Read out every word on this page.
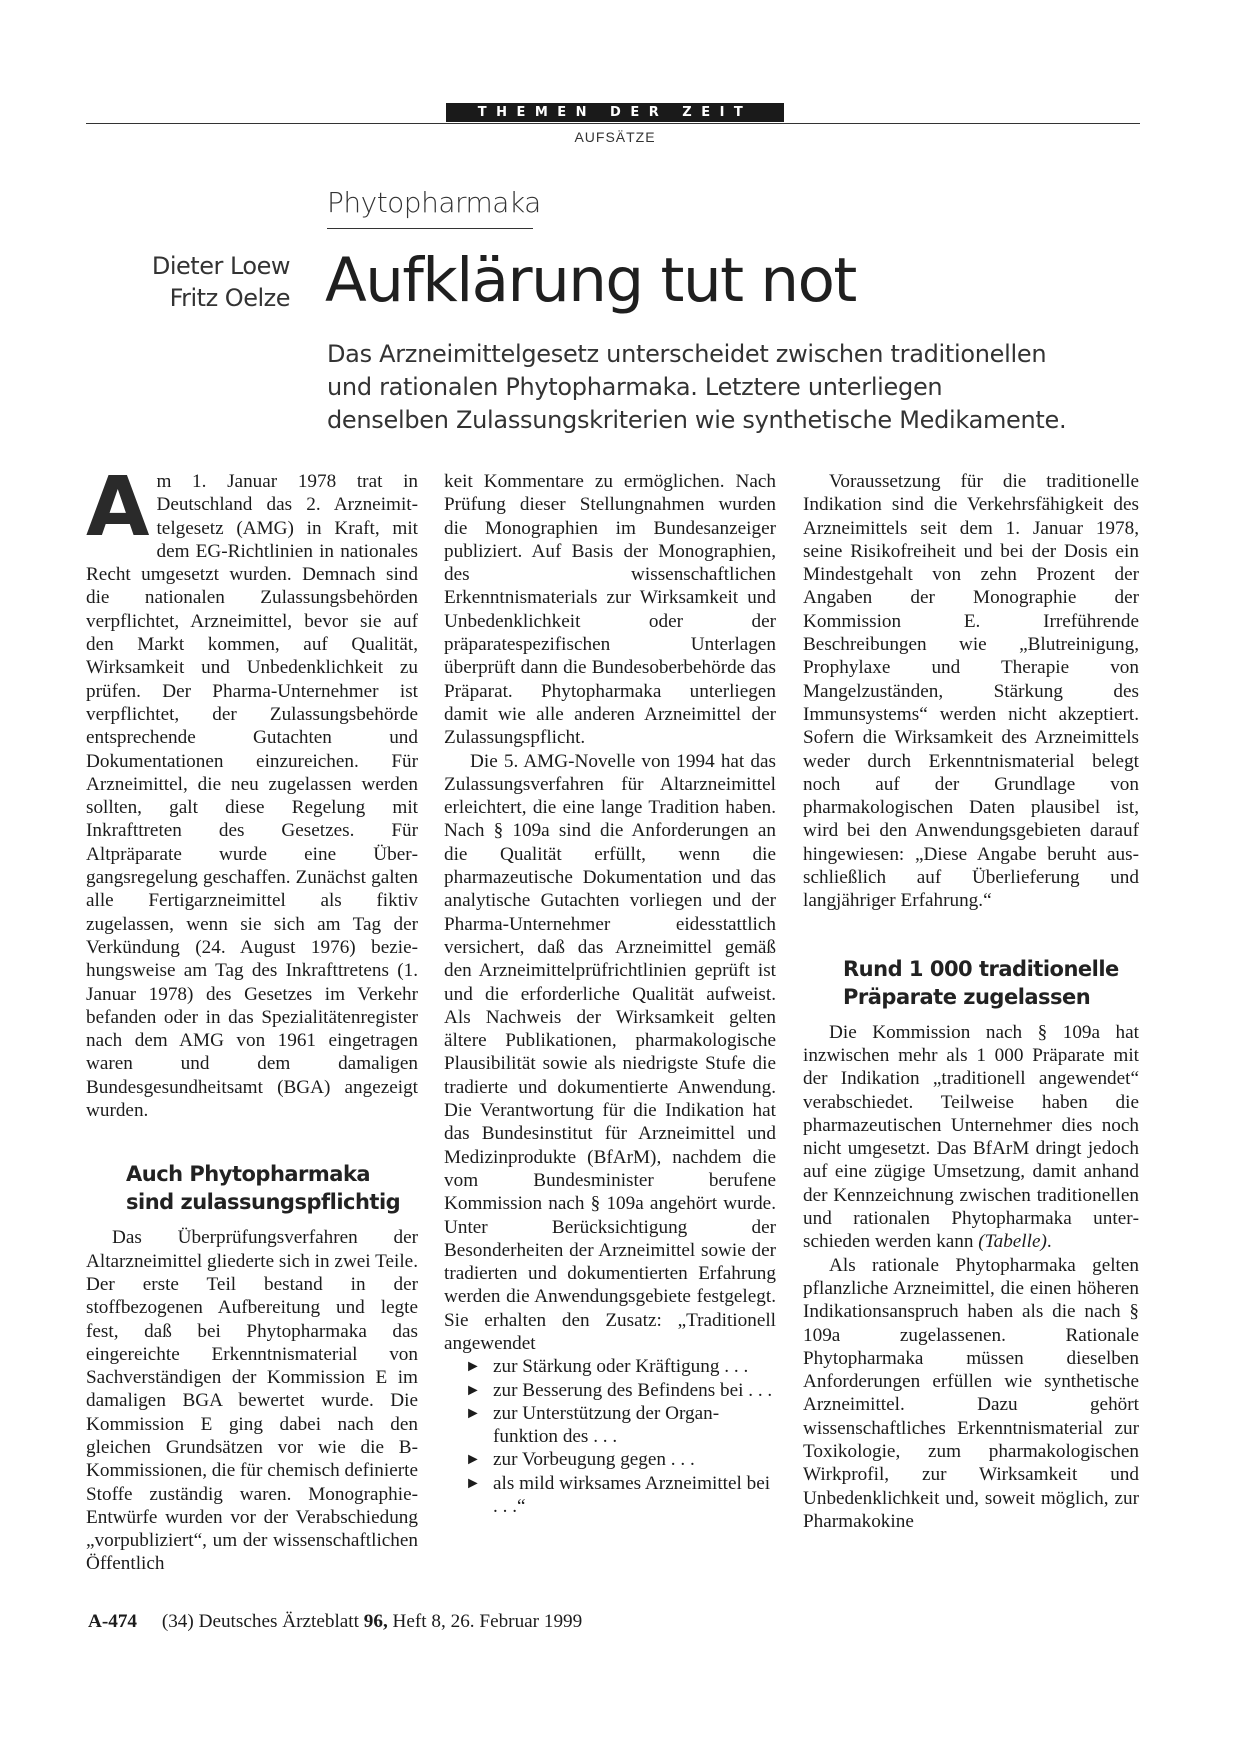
THEMEN DER ZEIT
AUFSÄTZE
Phytopharmaka
Dieter Loew
Fritz Oelze Aufklärung tut not
Das Arzneimittelgesetz unterscheidet zwischen traditionellen
und rationalen Phytopharmaka. Letztere unterliegen
denselben Zulassungskriterien wie synthetische Medikamente.

Am 1. Januar 1978 trat in Deutschland das 2. Arzneimittelgesetz (AMG) in Kraft, mit dem EG-Richtlinien in nationales Recht umgesetzt wurden. Demnach sind die nationalen Zulassungsbehörden verpflichtet, Arzneimittel, bevor sie auf den Markt kommen, auf Qualität, Wirksamkeit und Unbedenklichkeit zu prüfen. Der Pharma-Unternehmer ist verpflichtet, der Zulassungsbehörde entsprechende Gutachten und Dokumentationen einzureichen. Für Arzneimittel, die neu zugelassen werden sollten, galt diese Regelung mit Inkrafttreten des Gesetzes. Für Altpräparate wurde eine Übergangsregelung geschaffen. Zunächst galten alle Fertigarzneimittel als fiktiv zugelassen, wenn sie sich am Tag der Verkündung (24. August 1976) beziehungsweise am Tag des Inkrafttretens (1. Januar 1978) des Gesetzes im Verkehr befanden oder in das Spezialitätenregister nach dem AMG von 1961 eingetragen waren und dem damaligen Bundesgesundheitsamt (BGA) angezeigt wurden.

Auch Phytopharmaka
sind zulassungspflichtig

Das Überprüfungsverfahren der Altarzneimittel gliederte sich in zwei Teile. Der erste Teil bestand in der stoffbezogenen Aufbereitung und legte fest, daß bei Phytopharmaka das eingereichte Erkenntnismaterial von Sachverständigen der Kommission E im damaligen BGA bewertet wurde. Die Kommission E ging dabei nach den gleichen Grundsätzen vor wie die B-Kommissionen, die für chemisch definierte Stoffe zuständig waren. Monographie-Entwürfe wurden vor der Verabschiedung „vorpubliziert“, um der wissenschaftlichen Öffentlich

keit Kommentare zu ermöglichen. Nach Prüfung dieser Stellungnahmen wurden die Monographien im Bundesanzeiger publiziert. Auf Basis der Monographien, des wissenschaftlichen Erkenntnismaterials zur Wirksamkeit und Unbedenklichkeit oder der präparatespezifischen Unterlagen überprüft dann die Bundesoberbehörde das Präparat. Phytopharmaka unterliegen damit wie alle anderen Arzneimittel der Zulassungspflicht.

Die 5. AMG-Novelle von 1994 hat das Zulassungsverfahren für Altarzneimittel erleichtert, die eine lange Tradition haben. Nach § 109a sind die Anforderungen an die Qualität erfüllt, wenn die pharmazeutische Dokumentation und das analytische Gutachten vorliegen und der Pharma-Unternehmer eidesstattlich versichert, daß das Arzneimittel gemäß den Arzneimittelprüfrichtlinien geprüft ist und die erforderliche Qualität aufweist. Als Nachweis der Wirksamkeit gelten ältere Publikationen, pharmakologische Plausibilität sowie als niedrigste Stufe die tradierte und dokumentierte Anwendung. Die Verantwortung für die Indikation hat das Bundesinstitut für Arzneimittel und Medizinprodukte (BfArM), nachdem die vom Bundesminister berufene Kommission nach § 109a angehört wurde. Unter Berücksichtigung der Besonderheiten der Arzneimittel sowie der tradierten und dokumentierten Erfahrung werden die Anwendungsgebiete festgelegt. Sie erhalten den Zusatz: „Traditionell angewendet

► zur Stärkung oder Kräftigung . . .
► zur Besserung des Befindens bei . . .
► zur Unterstützung der Organfunktion des . . .
► zur Vorbeugung gegen . . .
► als mild wirksames Arzneimittel bei . . .“

Voraussetzung für die traditionelle Indikation sind die Verkehrsfähigkeit des Arzneimittels seit dem 1. Januar 1978, seine Risikofreiheit und bei der Dosis ein Mindestgehalt von zehn Prozent der Angaben der Monographie der Kommission E. Irreführende Beschreibungen wie „Blutreinigung, Prophylaxe und Therapie von Mangelzuständen, Stärkung des Immunsystems“ werden nicht akzeptiert. Sofern die Wirksamkeit des Arzneimittels weder durch Erkenntnismaterial belegt noch auf der Grundlage von pharmakologischen Daten plausibel ist, wird bei den Anwendungsgebieten darauf hingewiesen: „Diese Angabe beruht ausschließlich auf Überlieferung und langjähriger Erfahrung.“

Rund 1 000 traditionelle
Präparate zugelassen

Die Kommission nach § 109a hat inzwischen mehr als 1 000 Präparate mit der Indikation „traditionell angewendet“ verabschiedet. Teilweise haben die pharmazeutischen Unternehmer dies noch nicht umgesetzt. Das BfArM dringt jedoch auf eine zügige Umsetzung, damit anhand der Kennzeichnung zwischen traditionellen und rationalen Phytopharmaka unterschieden werden kann (Tabelle).

Als rationale Phytopharmaka gelten pflanzliche Arzneimittel, die einen höheren Indikationsanspruch haben als die nach § 109a zugelassenen. Rationale Phytopharmaka müssen dieselben Anforderungen erfüllen wie synthetische Arzneimittel. Dazu gehört wissenschaftliches Erkenntnismaterial zur Toxikologie, zum pharmakologischen Wirkprofil, zur Wirksamkeit und Unbedenklichkeit und, soweit möglich, zur Pharmakokine

A-474 (34) Deutsches Ärzteblatt 96, Heft 8, 26. Februar 1999
